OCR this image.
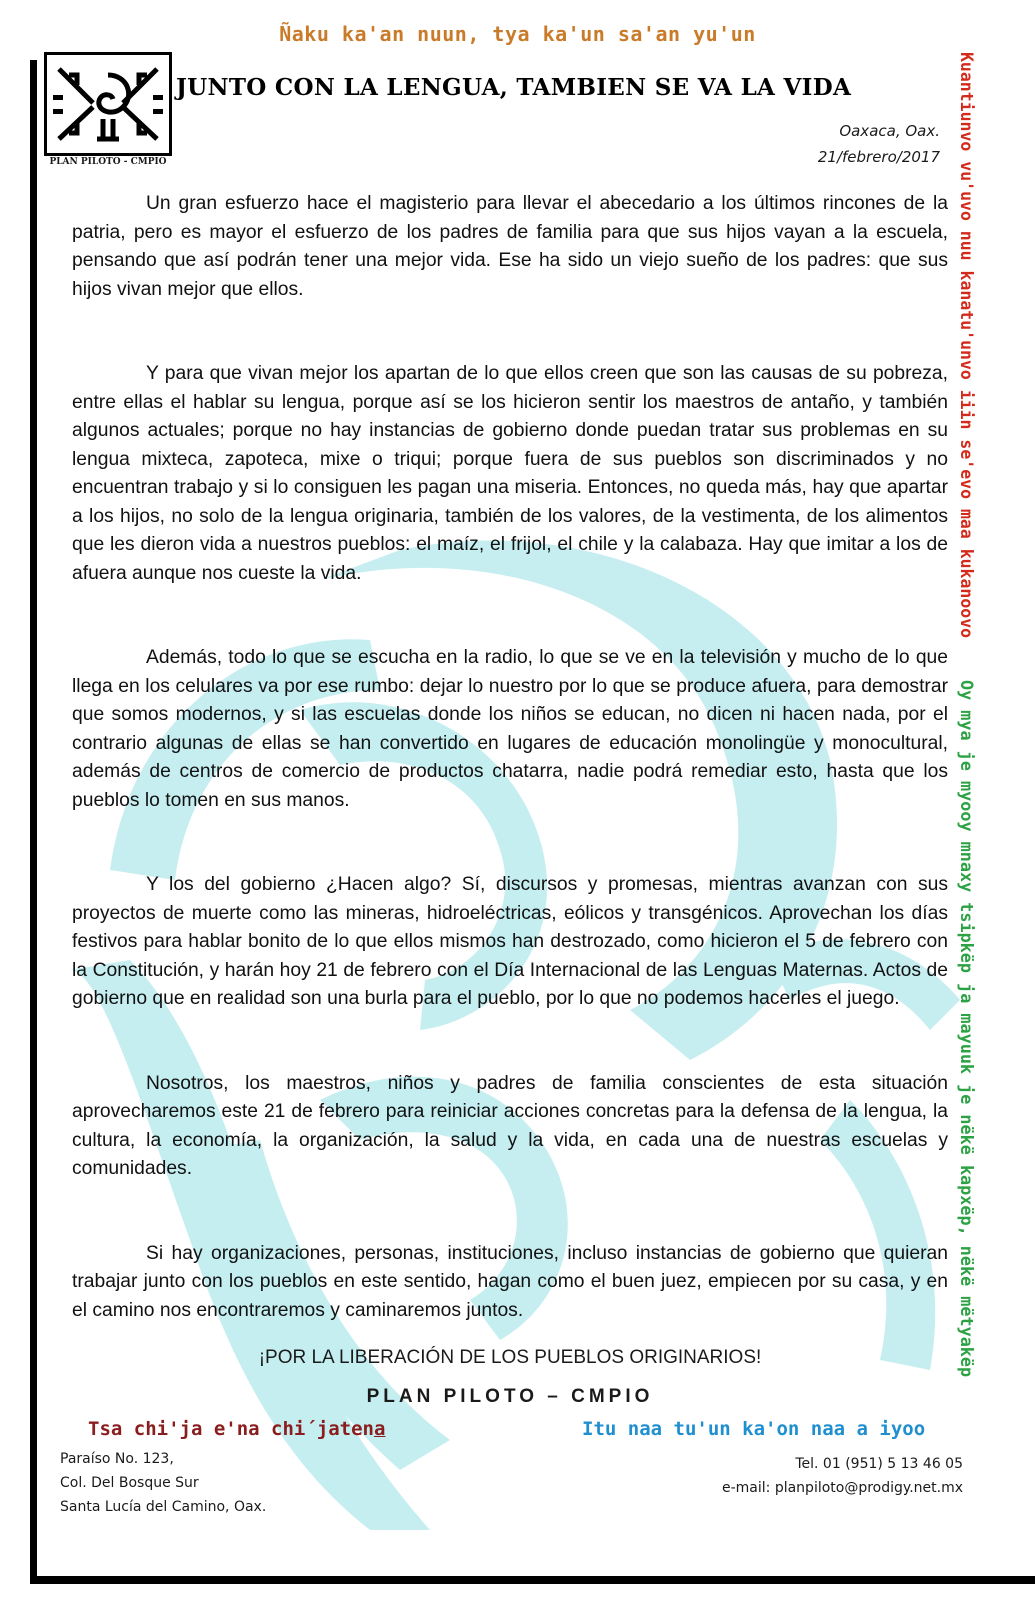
Ñaku ka'an nuun, tya ka'un sa'an yu'un
PLAN PILOTO - CMPIO
JUNTO CON LA LENGUA, TAMBIEN SE VA LA VIDA
Oaxaca, Oax.
21/febrero/2017 Kuantiunvo vu'uvo nuu kanatu'unvo iiin se'evo maa kukanoovo
Oy mya je myooy mnaxy tsipkëp ja mayuuk je nëkë kapxëp, nëkë mëtyakëp

Un gran esfuerzo hace el magisterio para llevar el abecedario a los últimos rincones de la patria, pero es mayor el esfuerzo de los padres de familia para que sus hijos vayan a la escuela, pensando que así podrán tener una mejor vida. Ese ha sido un viejo sueño de los padres: que sus hijos vivan mejor que ellos.

Y para que vivan mejor los apartan de lo que ellos creen que son las causas de su pobreza, entre ellas el hablar su lengua, porque así se los hicieron sentir los maestros de antaño, y también algunos actuales; porque no hay instancias de gobierno donde puedan tratar sus problemas en su lengua mixteca, zapoteca, mixe o triqui; porque fuera de sus pueblos son discriminados y no encuentran trabajo y si lo consiguen les pagan una miseria. Entonces, no queda más, hay que apartar a los hijos, no solo de la lengua originaria, también de los valores, de la vestimenta, de los alimentos que les dieron vida a nuestros pueblos: el maíz, el frijol, el chile y la calabaza. Hay que imitar a los de afuera aunque nos cueste la vida.

Además, todo lo que se escucha en la radio, lo que se ve en la televisión y mucho de lo que llega en los celulares va por ese rumbo: dejar lo nuestro por lo que se produce afuera, para demostrar que somos modernos, y si las escuelas donde los niños se educan, no dicen ni hacen nada, por el contrario algunas de ellas se han convertido en lugares de educación monolingüe y monocultural, además de centros de comercio de productos chatarra, nadie podrá remediar esto, hasta que los pueblos lo tomen en sus manos.

Y los del gobierno ¿Hacen algo? Sí, discursos y promesas, mientras avanzan con sus proyectos de muerte como las mineras, hidroeléctricas, eólicos y transgénicos. Aprovechan los días festivos para hablar bonito de lo que ellos mismos han destrozado, como hicieron el 5 de febrero con la Constitución, y harán hoy 21 de febrero con el Día Internacional de las Lenguas Maternas. Actos de gobierno que en realidad son una burla para el pueblo, por lo que no podemos hacerles el juego.

Nosotros, los maestros, niños y padres de familia conscientes de esta situación aprovecharemos este 21 de febrero para reiniciar acciones concretas para la defensa de la lengua, la cultura, la economía, la organización, la salud y la vida, en cada una de nuestras escuelas y comunidades.

Si hay organizaciones, personas, instituciones, incluso instancias de gobierno que quieran trabajar junto con los pueblos en este sentido, hagan como el buen juez, empiecen por su casa, y en el camino nos encontraremos y caminaremos juntos.

¡POR LA LIBERACIÓN DE LOS PUEBLOS ORIGINARIOS!
PLAN PILOTO – CMPIO
Tsa chi'ja e'na chi´jatena	Itu naa tu'un ka'on naa a iyoo
Paraíso No. 123,
Col. Del Bosque Sur
Santa Lucía del Camino, Oax.
Tel. 01 (951) 5 13 46 05
e-mail: planpiloto@prodigy.net.mx
